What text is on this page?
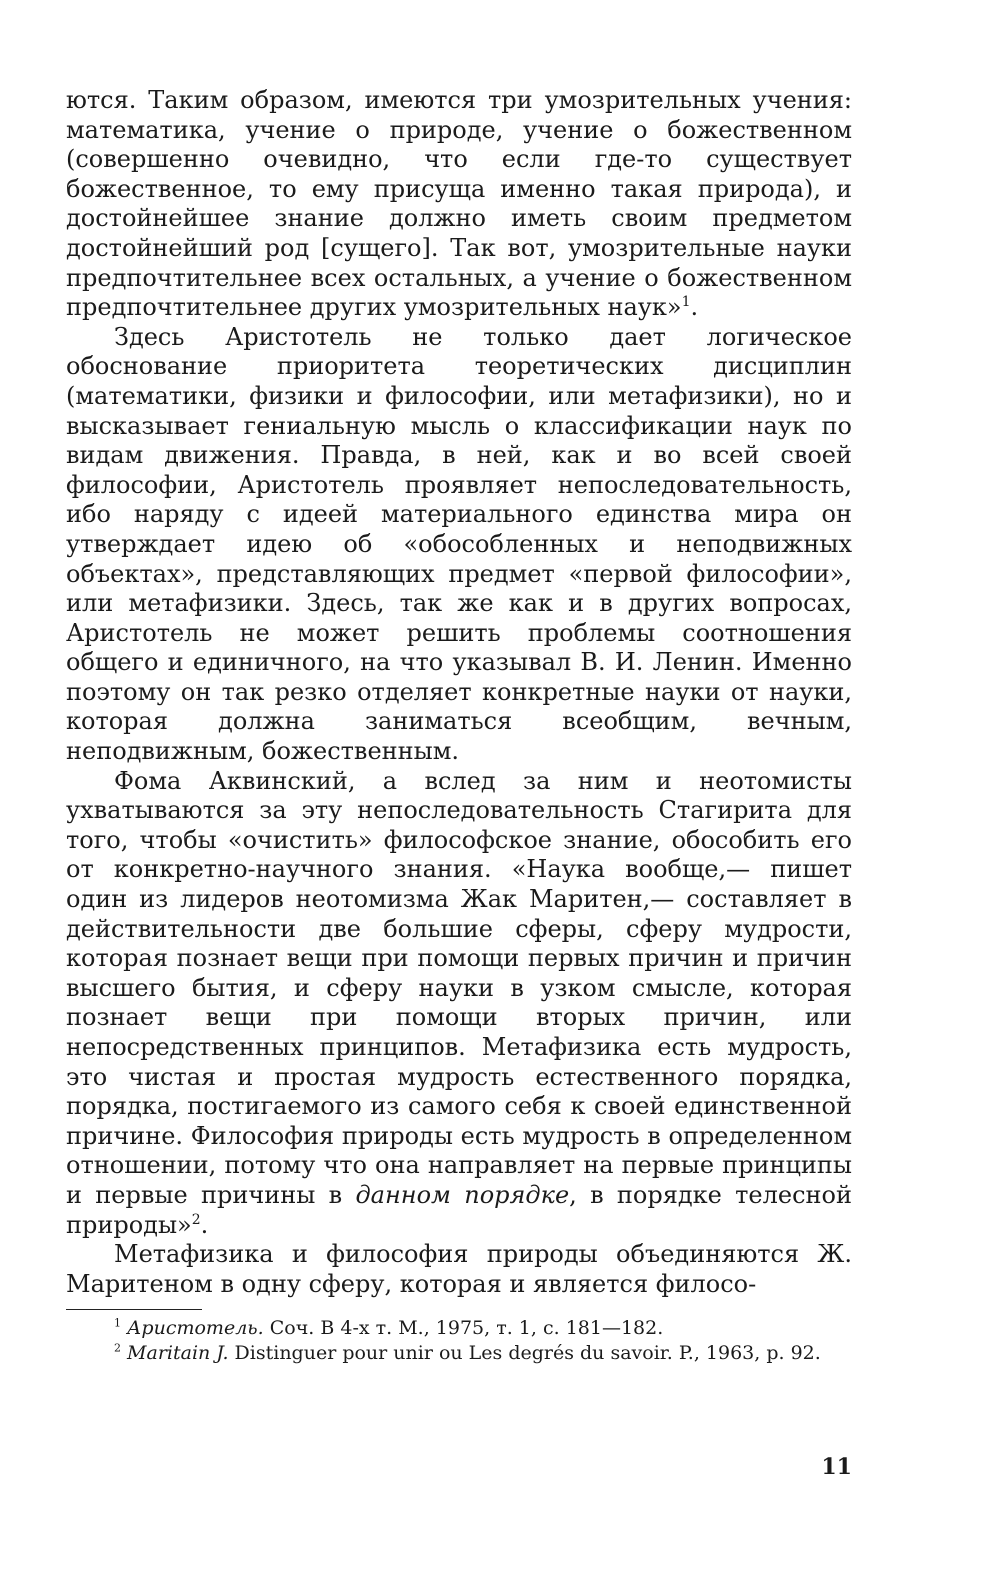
ются. Таким образом, имеются три умозрительных учения: математика, учение о природе, учение о божественном (совершенно очевидно, что если где-то существует божественное, то ему присуща именно такая природа), и достойнейшее знание должно иметь своим предметом достойнейший род [сущего]. Так вот, умозрительные науки предпочтительнее всех остальных, а учение о божественном предпочтительнее других умозрительных наук»$^1$.

Здесь Аристотель не только дает логическое обоснование приоритета теоретических дисциплин (математики, физики и философии, или метафизики), но и высказывает гениальную мысль о классификации наук по видам движения. Правда, в ней, как и во всей своей философии, Аристотель проявляет непоследовательность, ибо наряду с идеей материального единства мира он утверждает идею об «обособленных и неподвижных объектах», представляющих предмет «первой философии», или метафизики. Здесь, так же как и в других вопросах, Аристотель не может решить проблемы соотношения общего и единичного, на что указывал В. И. Ленин. Именно поэтому он так резко отделяет конкретные науки от науки, которая должна заниматься всеобщим, вечным, неподвижным, божественным.

Фома Аквинский, а вслед за ним и неотомисты ухватываются за эту непоследовательность Стагирита для того, чтобы «очистить» философское знание, обособить его от конкретно-научного знания. «Наука вообще,— пишет один из лидеров неотомизма Жак Маритен,— составляет в действительности две большие сферы, сферу мудрости, которая познает вещи при помощи первых причин и причин высшего бытия, и сферу науки в узком смысле, которая познает вещи при помощи вторых причин, или непосредственных принципов. Метафизика есть мудрость, это чистая и простая мудрость естественного порядка, порядка, постигаемого из самого себя к своей единственной причине. Философия природы есть мудрость в определенном отношении, потому что она направляет на первые принципы и первые причины в данном порядке, в порядке телесной природы»$^2$.

Метафизика и философия природы объединяются Ж. Маритеном в одну сферу, которая и является филосо-

$^1$ Аристотель. Соч. В 4-х т. М., 1975, т. 1, с. 181—182.

$^2$ Maritain J. Distinguer pour unir ou Les degrés du savoir. P., 1963, p. 92.

11
